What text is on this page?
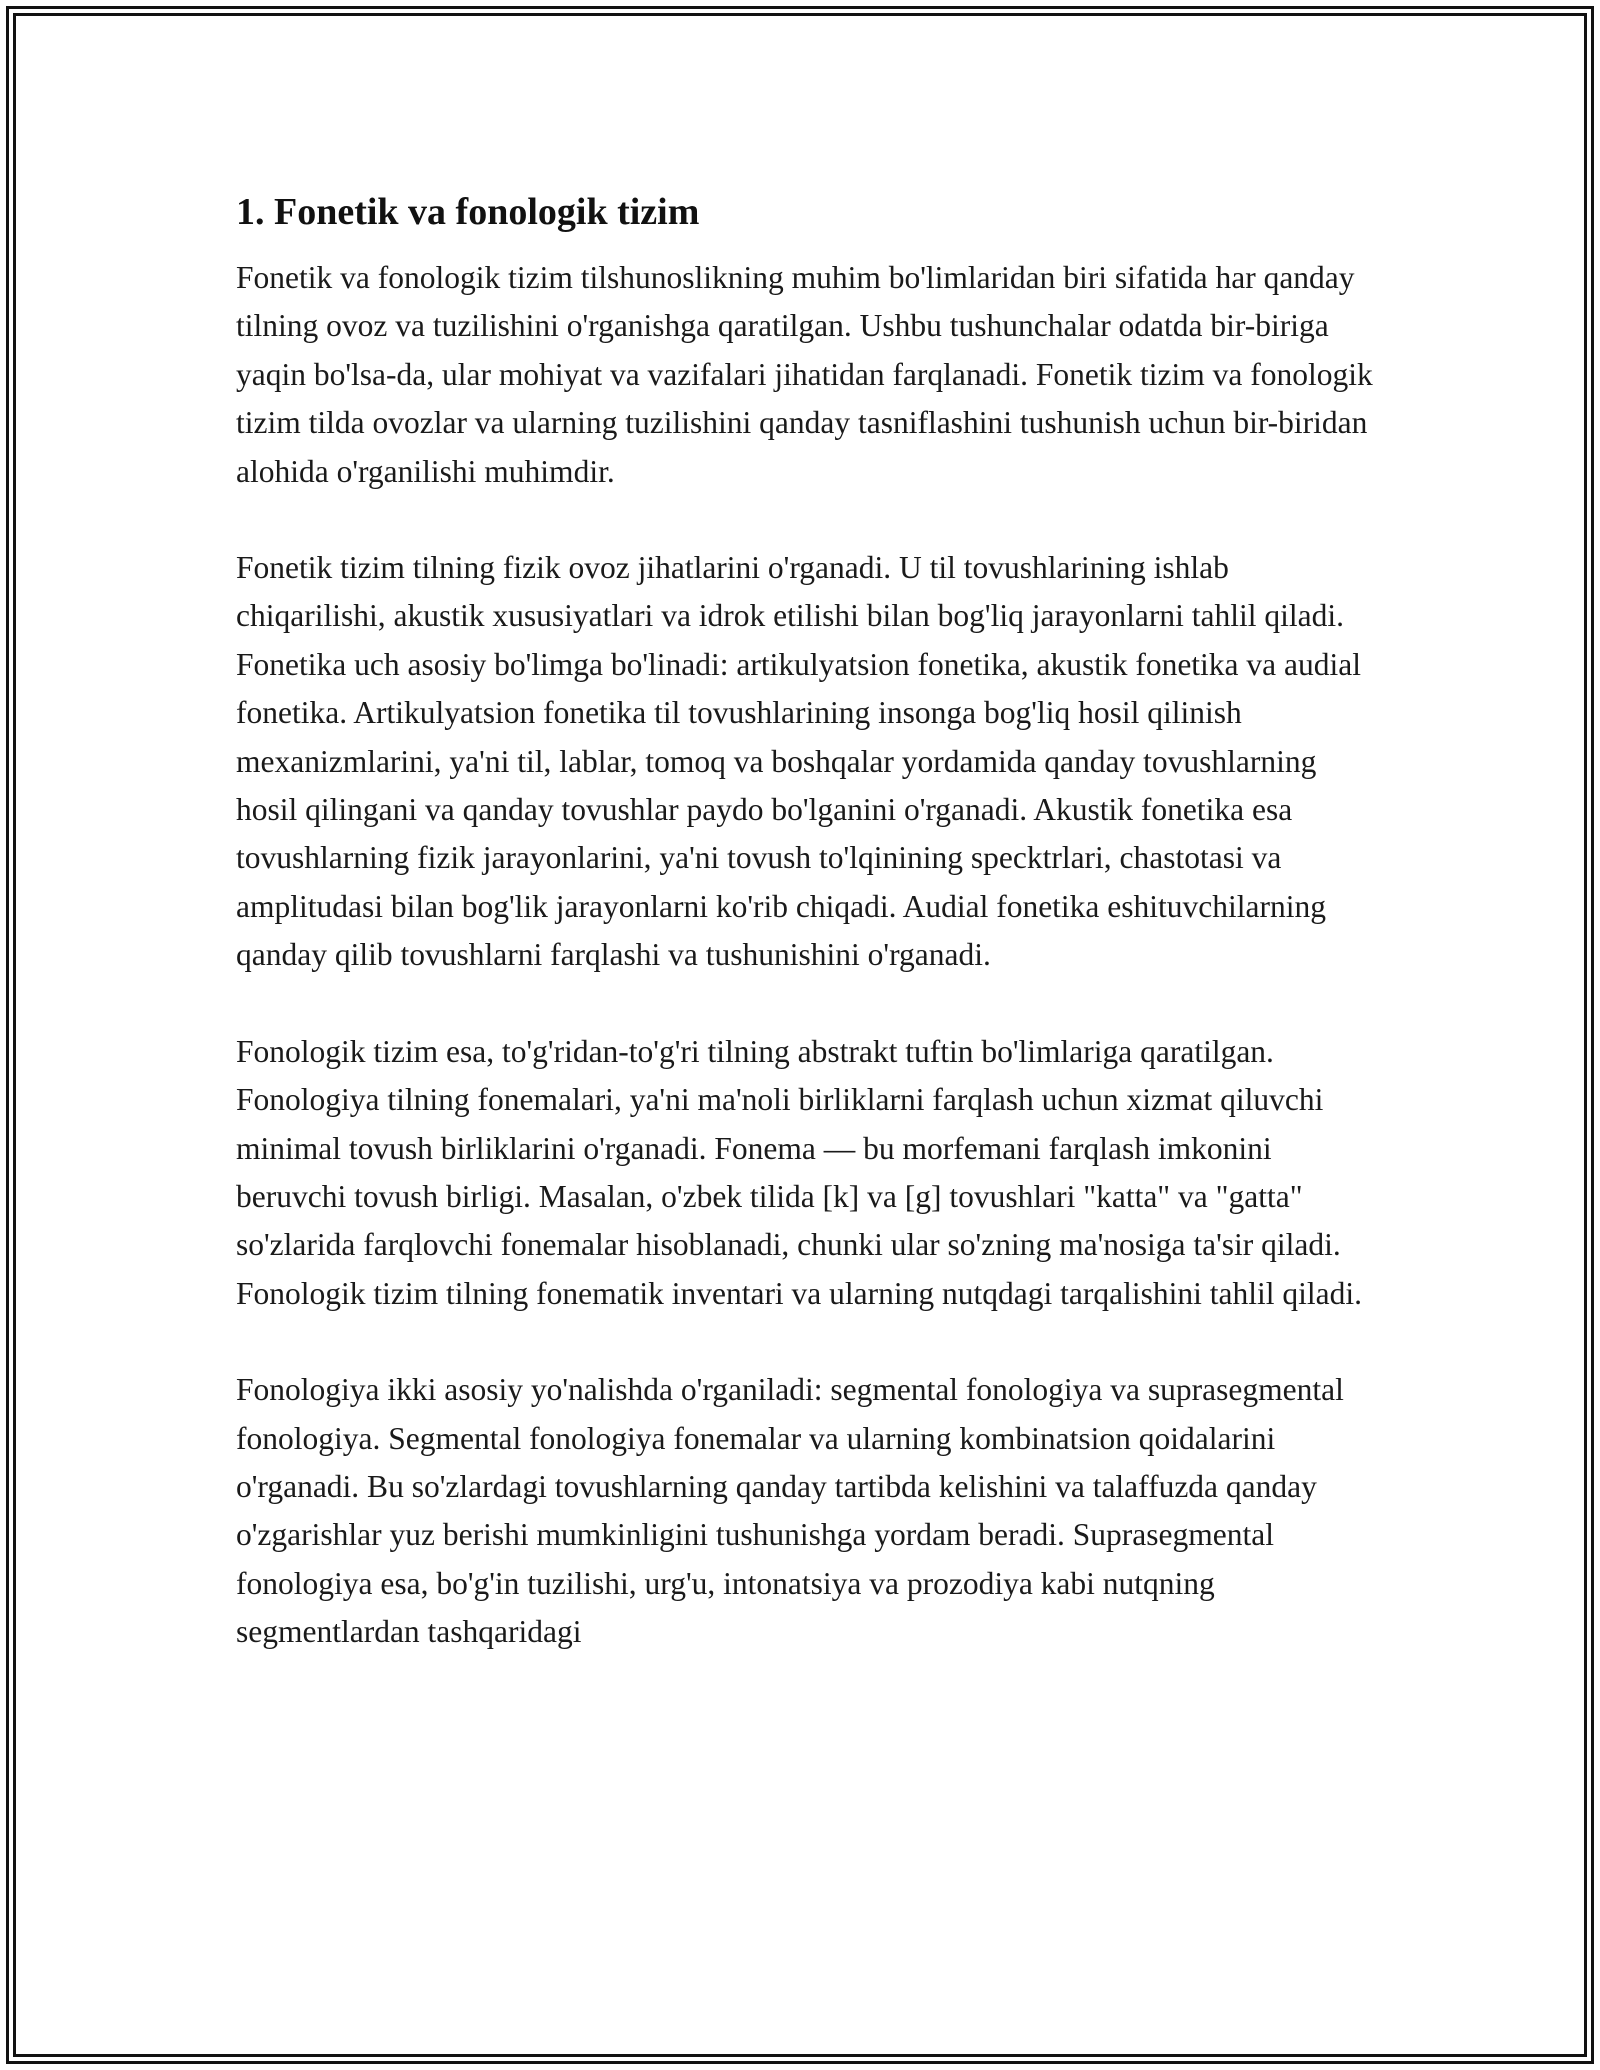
1. Fonetik va fonologik tizim

Fonetik va fonologik tizim tilshunoslikning muhim bo'limlaridan biri sifatida har qanday tilning ovoz va tuzilishini o'rganishga qaratilgan. Ushbu tushunchalar odatda bir-biriga yaqin bo'lsa-da, ular mohiyat va vazifalari jihatidan farqlanadi. Fonetik tizim va fonologik tizim tilda ovozlar va ularning tuzilishini qanday tasniflashini tushunish uchun bir-biridan alohida o'rganilishi muhimdir.

Fonetik tizim tilning fizik ovoz jihatlarini o'rganadi. U til tovushlarining ishlab chiqarilishi, akustik xususiyatlari va idrok etilishi bilan bog'liq jarayonlarni tahlil qiladi. Fonetika uch asosiy bo'limga bo'linadi: artikulyatsion fonetika, akustik fonetika va audial fonetika. Artikulyatsion fonetika til tovushlarining insonga bog'liq hosil qilinish mexanizmlarini, ya'ni til, lablar, tomoq va boshqalar yordamida qanday tovushlarning hosil qilingani va qanday tovushlar paydo bo'lganini o'rganadi. Akustik fonetika esa tovushlarning fizik jarayonlarini, ya'ni tovush to'lqinining specktrlari, chastotasi va amplitudasi bilan bog'lik jarayonlarni ko'rib chiqadi. Audial fonetika eshituvchilarning qanday qilib tovushlarni farqlashi va tushunishini o'rganadi.

Fonologik tizim esa, to'g'ridan-to'g'ri tilning abstrakt tuftin bo'limlariga qaratilgan. Fonologiya tilning fonemalari, ya'ni ma'noli birliklarni farqlash uchun xizmat qiluvchi minimal tovush birliklarini o'rganadi. Fonema — bu morfemani farqlash imkonini beruvchi tovush birligi. Masalan, o'zbek tilida [k] va [g] tovushlari "katta" va "gatta" so'zlarida farqlovchi fonemalar hisoblanadi, chunki ular so'zning ma'nosiga ta'sir qiladi. Fonologik tizim tilning fonematik inventari va ularning nutqdagi tarqalishini tahlil qiladi.

Fonologiya ikki asosiy yo'nalishda o'rganiladi: segmental fonologiya va suprasegmental fonologiya. Segmental fonologiya fonemalar va ularning kombinatsion qoidalarini o'rganadi. Bu so'zlardagi tovushlarning qanday tartibda kelishini va talaffuzda qanday o'zgarishlar yuz berishi mumkinligini tushunishga yordam beradi. Suprasegmental fonologiya esa, bo'g'in tuzilishi, urg'u, intonatsiya va prozodiya kabi nutqning segmentlardan tashqaridagi
